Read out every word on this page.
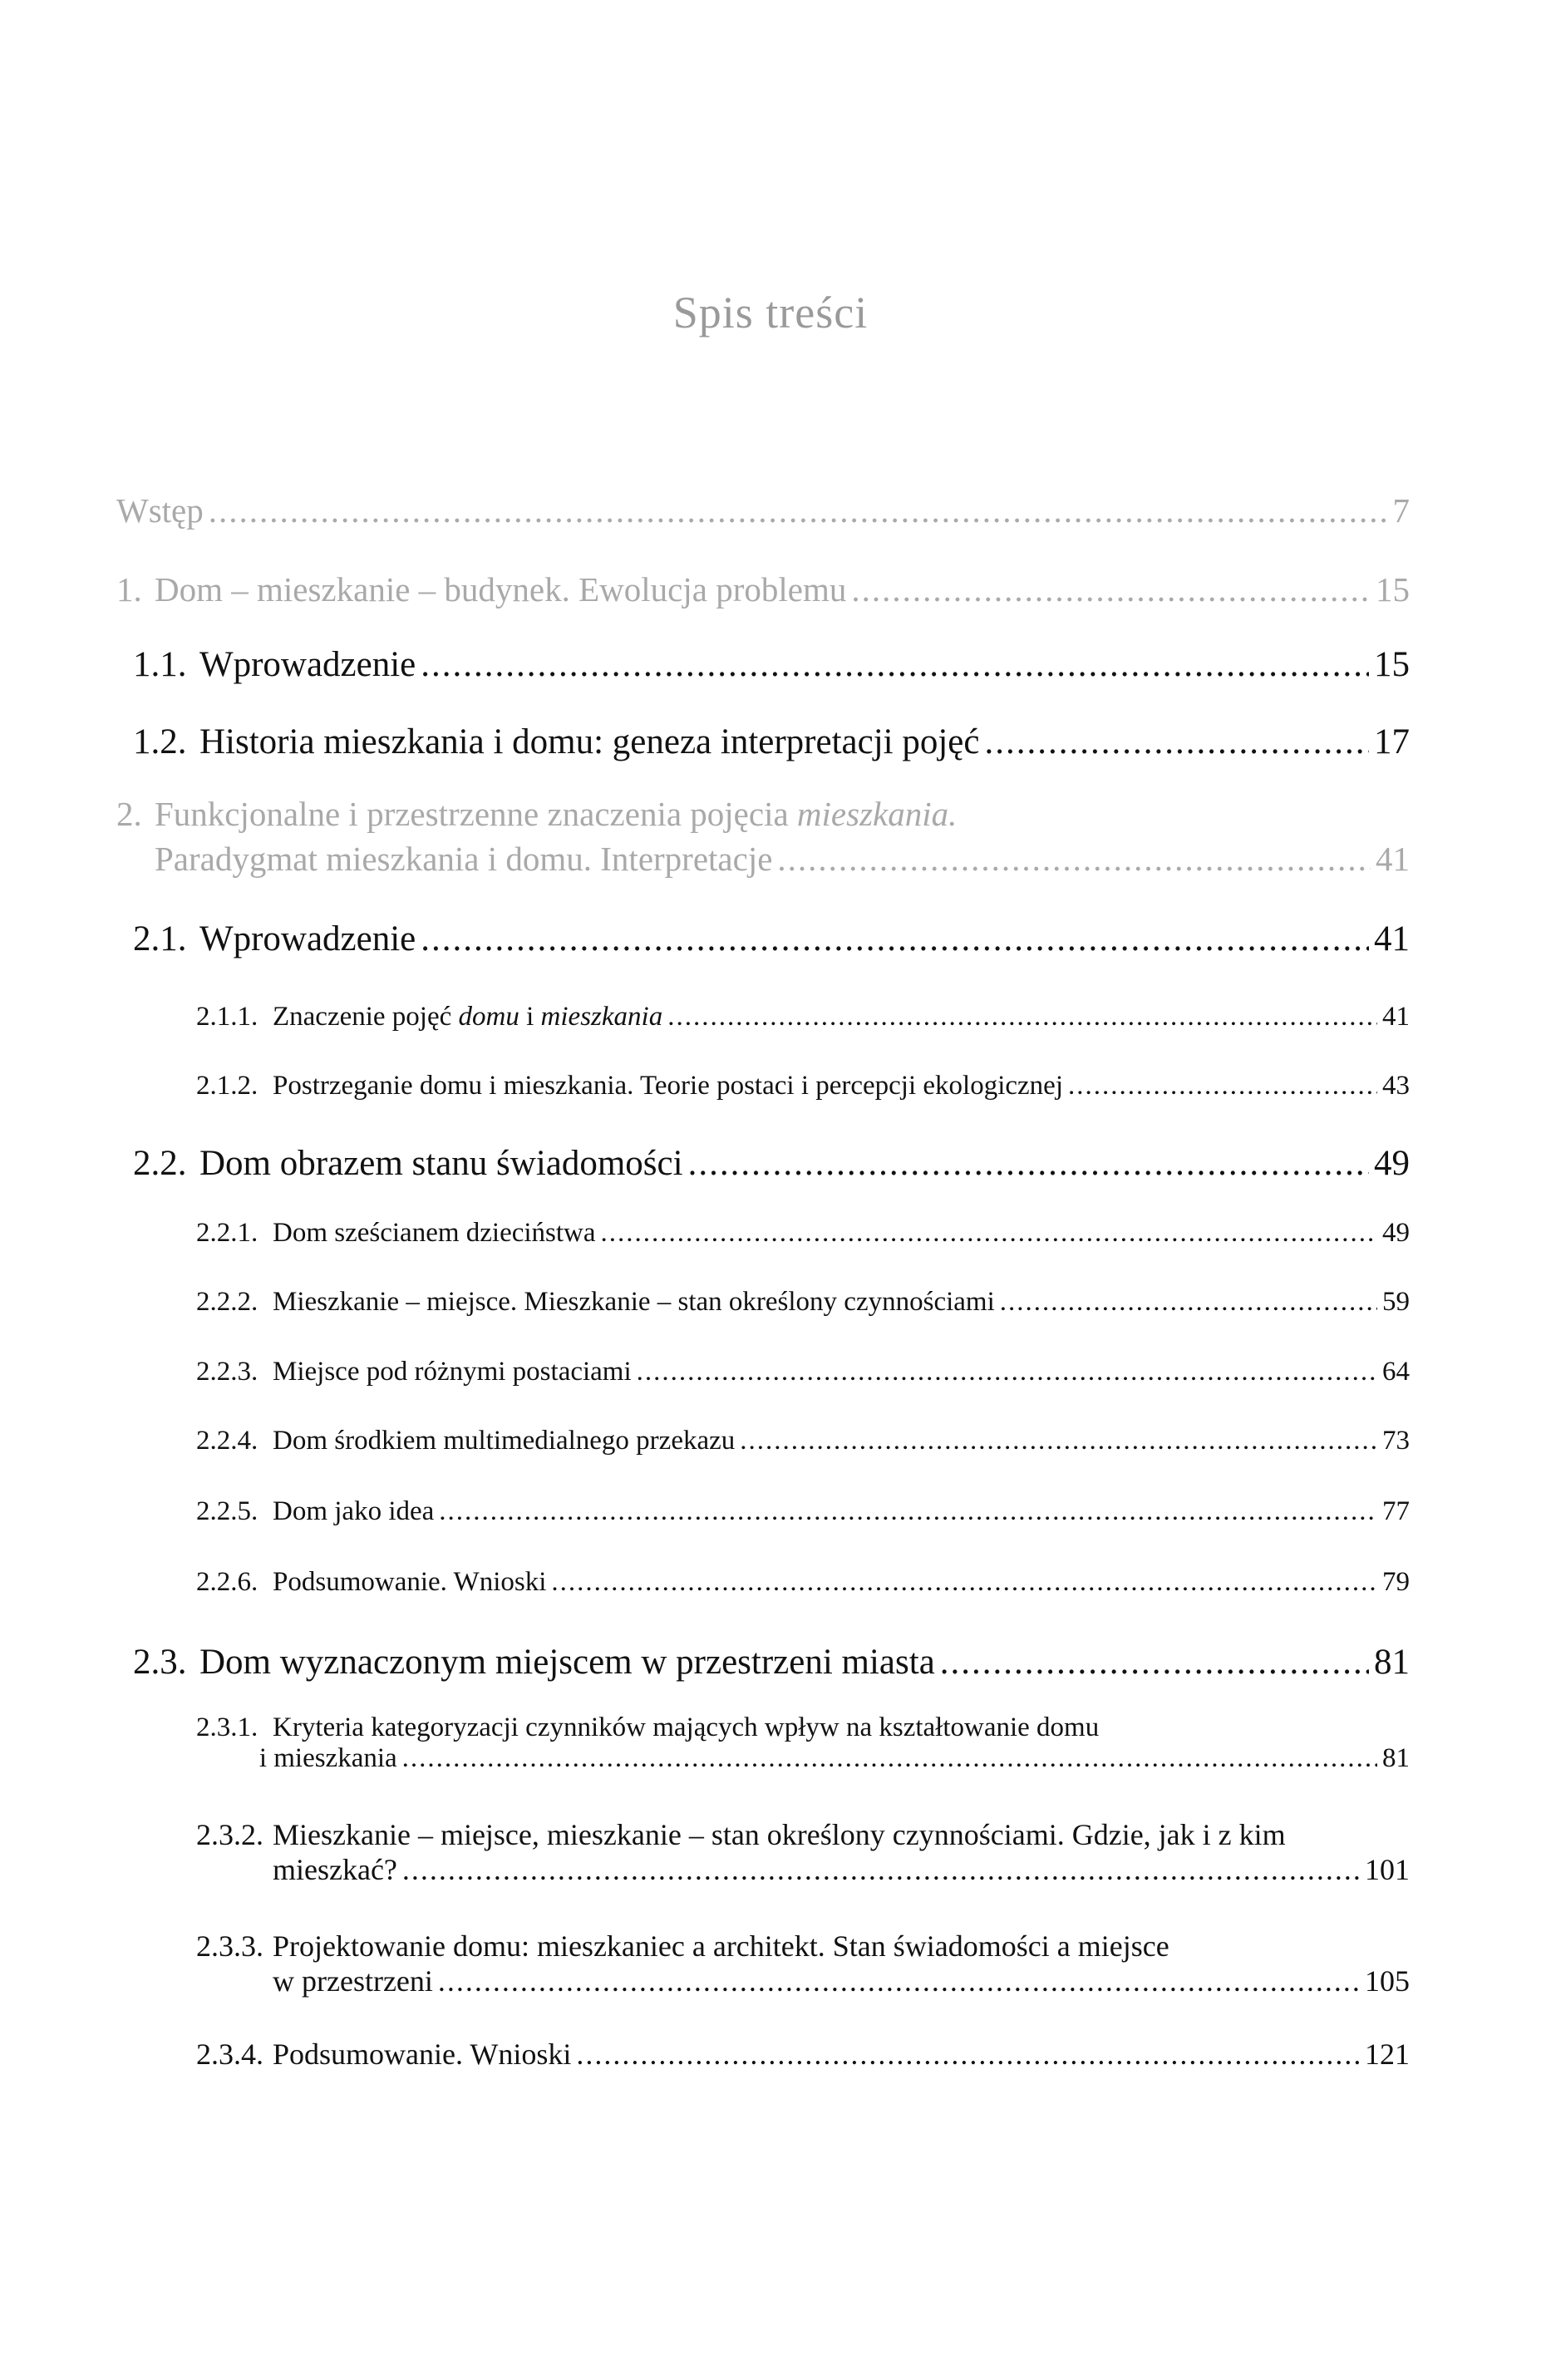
Spis treści
Wstęp .....	7
1. Dom – mieszkanie – budynek. Ewolucja problemu .....	15
1.1. Wprowadzenie .....	15
1.2. Historia mieszkania i domu: geneza interpretacji pojęć .....	17
2. Funkcjonalne i przestrzenne znaczenia pojęcia mieszkania.
Paradygmat mieszkania i domu. Interpretacje .....	41
2.1. Wprowadzenie .....	41
2.1.1. Znaczenie pojęć domu i mieszkania .....	41
2.1.2. Postrzeganie domu i mieszkania. Teorie postaci i percepcji ekologicznej .....	43
2.2. Dom obrazem stanu świadomości .....	49
2.2.1. Dom sześcianem dzieciństwa .....	49
2.2.2. Mieszkanie – miejsce. Mieszkanie – stan określony czynnościami .....	59
2.2.3. Miejsce pod różnymi postaciami .....	64
2.2.4. Dom środkiem multimedialnego przekazu .....	73
2.2.5. Dom jako idea .....	77
2.2.6. Podsumowanie. Wnioski .....	79
2.3. Dom wyznaczonym miejscem w przestrzeni miasta .....	81
2.3.1. Kryteria kategoryzacji czynników mających wpływ na kształtowanie domu
i mieszkania .....	81
2.3.2. Mieszkanie – miejsce, mieszkanie – stan określony czynnościami. Gdzie, jak i z kim
mieszkać? .....	101
2.3.3. Projektowanie domu: mieszkaniec a architekt. Stan świadomości a miejsce
w przestrzeni .....	105
2.3.4. Podsumowanie. Wnioski .....	121
